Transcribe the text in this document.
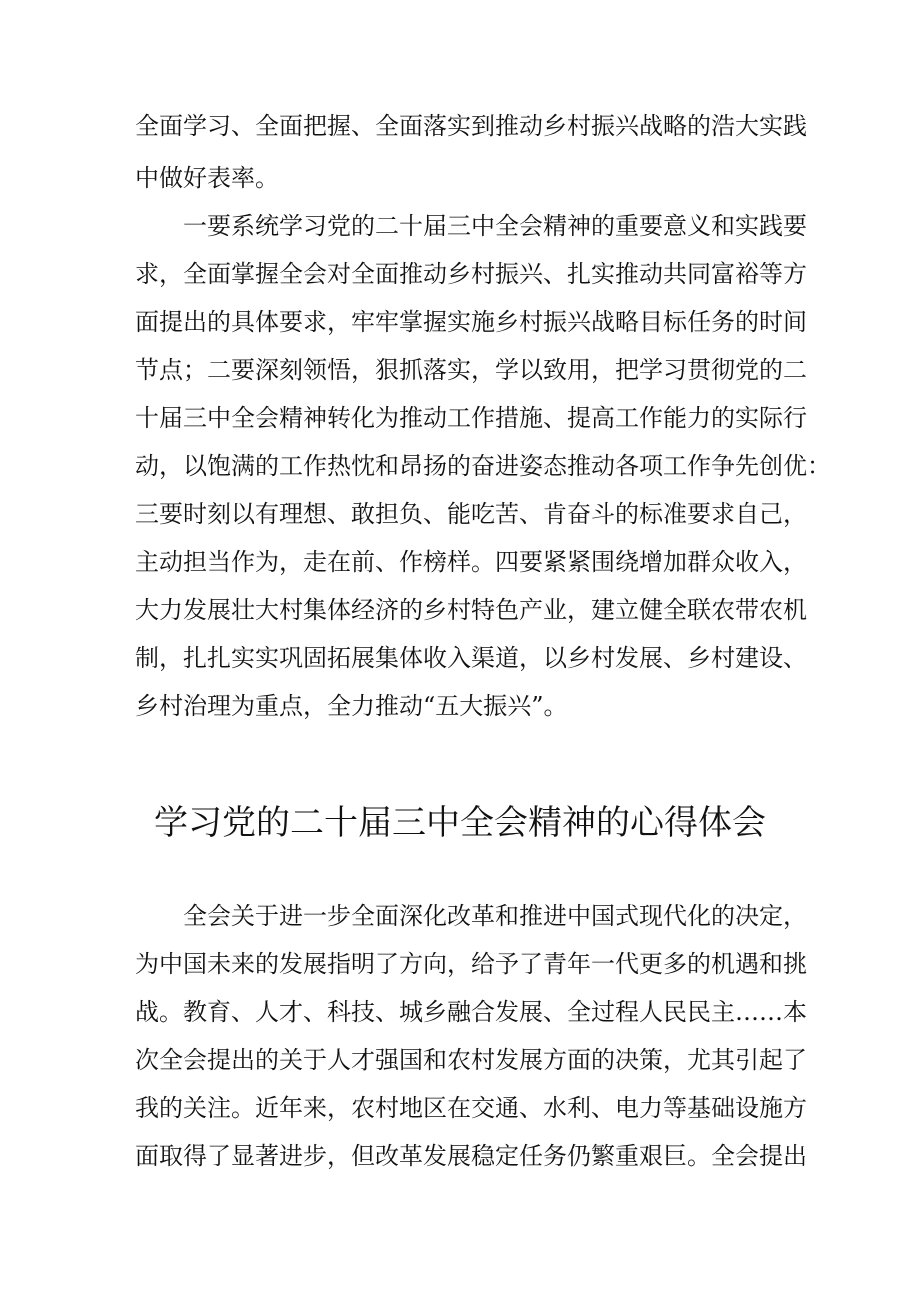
全面学习、全面把握、全面落实到推动乡村振兴战略的浩大实践

中做好表率。

一要系统学习党的二十届三中全会精神的重要意义和实践要

求，全面掌握全会对全面推动乡村振兴、扎实推动共同富裕等方

面提出的具体要求，牢牢掌握实施乡村振兴战略目标任务的时间

节点；二要深刻领悟，狠抓落实，学以致用，把学习贯彻党的二

十届三中全会精神转化为推动工作措施、提高工作能力的实际行

动，以饱满的工作热忱和昂扬的奋进姿态推动各项工作争先创优：

三要时刻以有理想、敢担负、能吃苦、肯奋斗的标准要求自己，

主动担当作为，走在前、作榜样。四要紧紧围绕增加群众收入，

大力发展壮大村集体经济的乡村特色产业，建立健全联农带农机

制，扎扎实实巩固拓展集体收入渠道，以乡村发展、乡村建设、

乡村治理为重点，全力推动“五大振兴”。

学习党的二十届三中全会精神的心得体会

全会关于进一步全面深化改革和推进中国式现代化的决定，

为中国未来的发展指明了方向，给予了青年一代更多的机遇和挑

战。教育、人才、科技、城乡融合发展、全过程人民民主……本

次全会提出的关于人才强国和农村发展方面的决策，尤其引起了

我的关注。近年来，农村地区在交通、水利、电力等基础设施方

面取得了显著进步，但改革发展稳定任务仍繁重艰巨。全会提出
